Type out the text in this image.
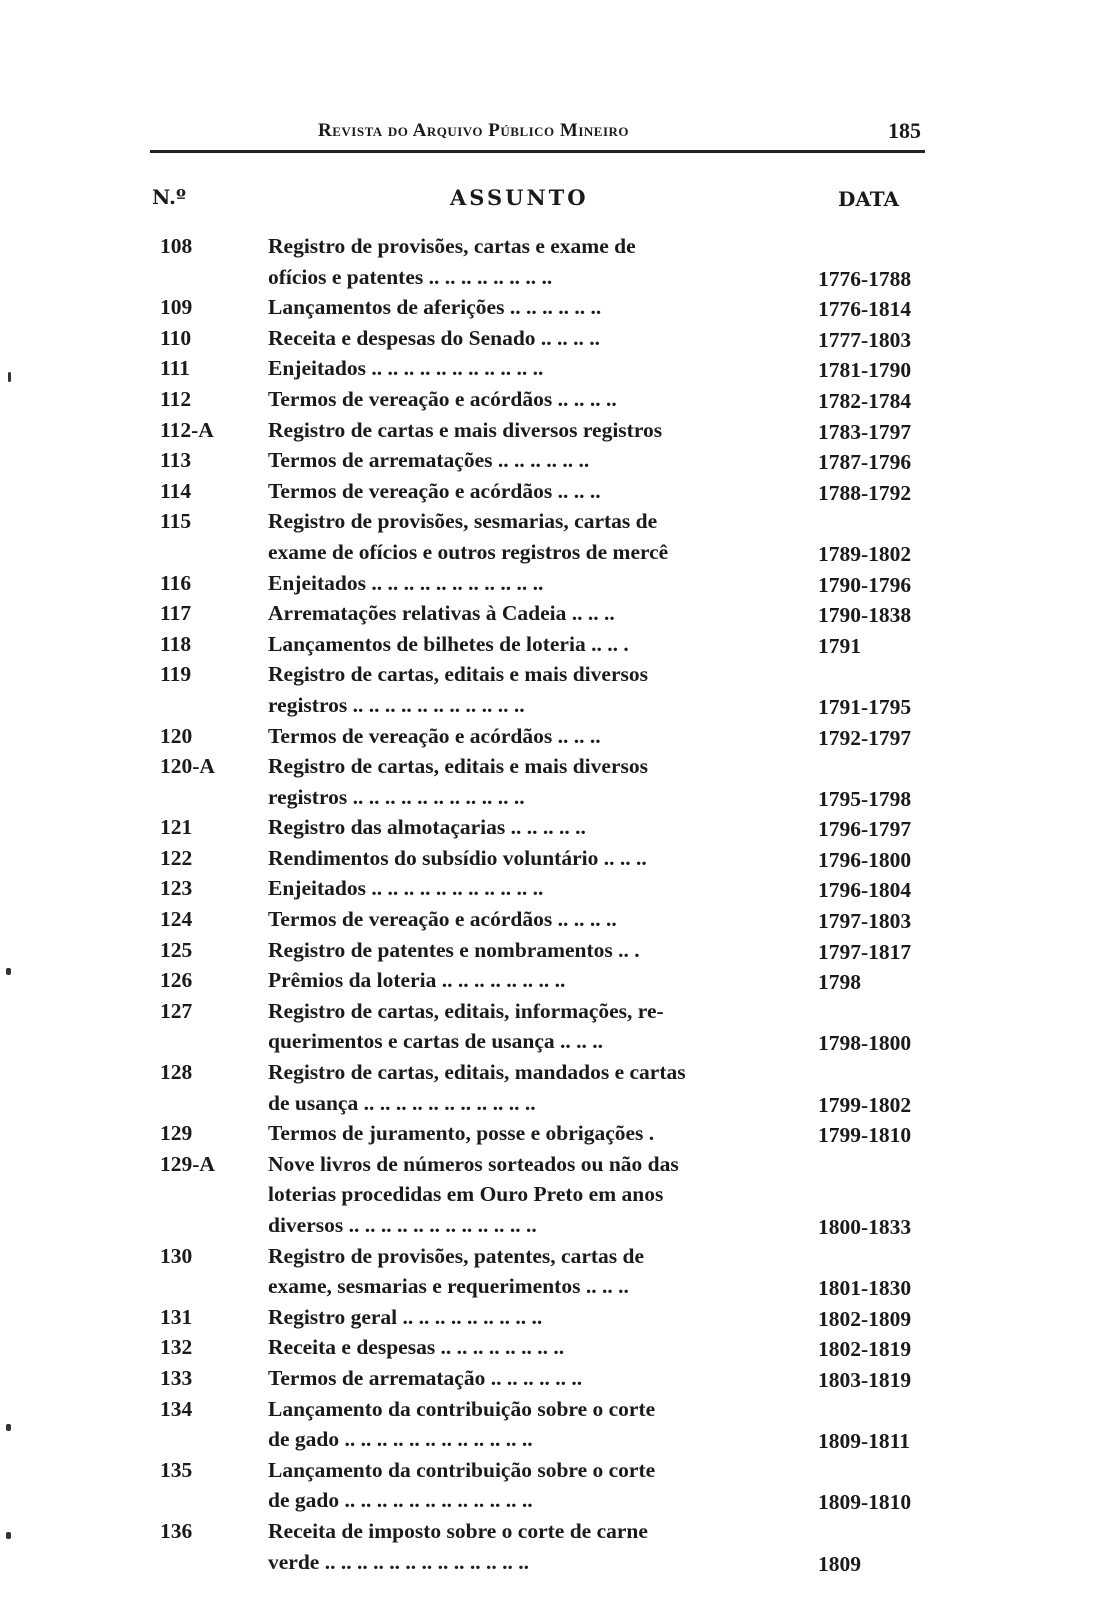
Revista do Arquivo Público Mineiro	185
N.º	ASSUNTO	DATA
108	Registro de provisões, cartas e exame de
ofícios e patentes .. .. .. .. .. .. .. ..	1776-1788
109	Lançamentos de aferições .. .. .. .. .. ..	1776-1814
110	Receita e despesas do Senado .. .. .. ..	1777-1803
111	Enjeitados .. .. .. .. .. .. .. .. .. .. ..	1781-1790
112	Termos de vereação e acórdãos .. .. .. ..	1782-1784
112-A	Registro de cartas e mais diversos registros	1783-1797
113	Termos de arrematações .. .. .. .. .. ..	1787-1796
114	Termos de vereação e acórdãos .. .. ..	1788-1792
115	Registro de provisões, sesmarias, cartas de
exame de ofícios e outros registros de mercê	1789-1802
116	Enjeitados .. .. .. .. .. .. .. .. .. .. ..	1790-1796
117	Arrematações relativas à Cadeia .. .. ..	1790-1838
118	Lançamentos de bilhetes de loteria .. .. .	1791
119	Registro de cartas, editais e mais diversos
registros .. .. .. .. .. .. .. .. .. .. ..	1791-1795
120	Termos de vereação e acórdãos .. .. ..	1792-1797
120-A Registro de cartas, editais e mais diversos
registros .. .. .. .. .. .. .. .. .. .. ..	1795-1798
121	Registro das almotaçarias .. .. .. .. ..	1796-1797
122	Rendimentos do subsídio voluntário .. .. ..	1796-1800
123	Enjeitados .. .. .. .. .. .. .. .. .. .. ..	1796-1804
124	Termos de vereação e acórdãos .. .. .. ..	1797-1803
125	Registro de patentes e nombramentos .. .	1797-1817
126	Prêmios da loteria .. .. .. .. .. .. .. ..	1798
127	Registro de cartas, editais, informações, re-
querimentos e cartas de usança .. .. ..	1798-1800
128	Registro de cartas, editais, mandados e cartas
de usança .. .. .. .. .. .. .. .. .. .. ..	1799-1802
129	Termos de juramento, posse e obrigações .	1799-1810
129-A Nove livros de números sorteados ou não das
loterias procedidas em Ouro Preto em anos
diversos .. .. .. .. .. .. .. .. .. .. .. ..	1800-1833
130	Registro de provisões, patentes, cartas de
exame, sesmarias e requerimentos .. .. ..	1801-1830
131	Registro geral .. .. .. .. .. .. .. .. ..	1802-1809
132	Receita e despesas .. .. .. .. .. .. .. ..	1802-1819
133	Termos de arrematação .. .. .. .. .. ..	1803-1819
134	Lançamento da contribuição sobre o corte
de gado .. .. .. .. .. .. .. .. .. .. .. ..	1809-1811
135	Lançamento da contribuição sobre o corte
de gado .. .. .. .. .. .. .. .. .. .. .. ..	1809-1810
136	Receita de imposto sobre o corte de carne
verde .. .. .. .. .. .. .. .. .. .. .. .. ..	1809
